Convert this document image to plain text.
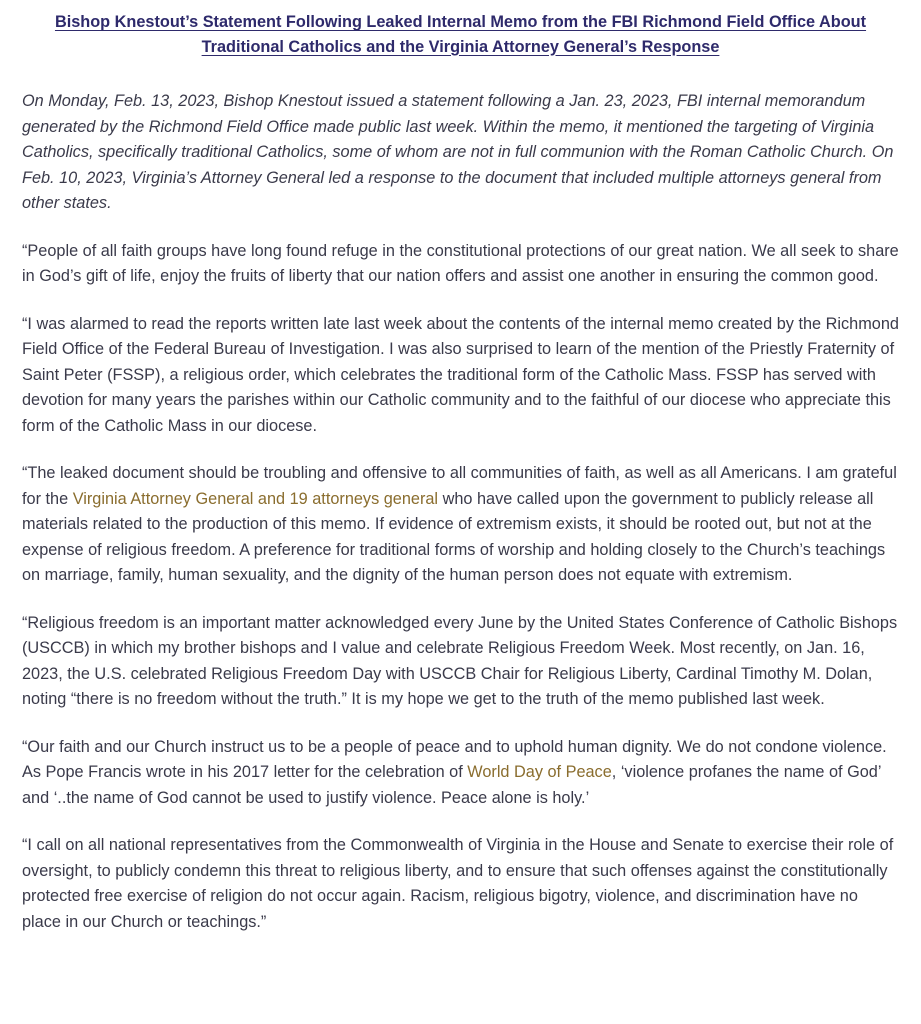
Bishop Knestout’s Statement Following Leaked Internal Memo from the FBI Richmond Field Office About Traditional Catholics and the Virginia Attorney General’s Response

On Monday, Feb. 13, 2023, Bishop Knestout issued a statement following a Jan. 23, 2023, FBI internal memorandum generated by the Richmond Field Office made public last week. Within the memo, it mentioned the targeting of Virginia Catholics, specifically traditional Catholics, some of whom are not in full communion with the Roman Catholic Church. On Feb. 10, 2023, Virginia’s Attorney General led a response to the document that included multiple attorneys general from other states.

“People of all faith groups have long found refuge in the constitutional protections of our great nation. We all seek to share in God’s gift of life, enjoy the fruits of liberty that our nation offers and assist one another in ensuring the common good.

“I was alarmed to read the reports written late last week about the contents of the internal memo created by the Richmond Field Office of the Federal Bureau of Investigation. I was also surprised to learn of the mention of the Priestly Fraternity of Saint Peter (FSSP), a religious order, which celebrates the traditional form of the Catholic Mass. FSSP has served with devotion for many years the parishes within our Catholic community and to the faithful of our diocese who appreciate this form of the Catholic Mass in our diocese.

“The leaked document should be troubling and offensive to all communities of faith, as well as all Americans. I am grateful for the Virginia Attorney General and 19 attorneys general who have called upon the government to publicly release all materials related to the production of this memo. If evidence of extremism exists, it should be rooted out, but not at the expense of religious freedom. A preference for traditional forms of worship and holding closely to the Church’s teachings on marriage, family, human sexuality, and the dignity of the human person does not equate with extremism.

“Religious freedom is an important matter acknowledged every June by the United States Conference of Catholic Bishops (USCCB) in which my brother bishops and I value and celebrate Religious Freedom Week. Most recently, on Jan. 16, 2023, the U.S. celebrated Religious Freedom Day with USCCB Chair for Religious Liberty, Cardinal Timothy M. Dolan, noting “there is no freedom without the truth.” It is my hope we get to the truth of the memo published last week.

“Our faith and our Church instruct us to be a people of peace and to uphold human dignity. We do not condone violence. As Pope Francis wrote in his 2017 letter for the celebration of World Day of Peace, ‘violence profanes the name of God’ and ‘..the name of God cannot be used to justify violence. Peace alone is holy.’

“I call on all national representatives from the Commonwealth of Virginia in the House and Senate to exercise their role of oversight, to publicly condemn this threat to religious liberty, and to ensure that such offenses against the constitutionally protected free exercise of religion do not occur again. Racism, religious bigotry, violence, and discrimination have no place in our Church or teachings.”
